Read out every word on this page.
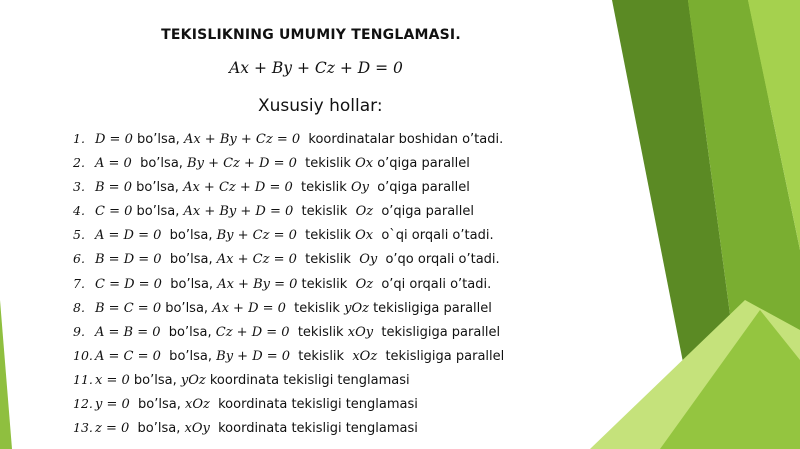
TEKISLIKNING UMUMIY TENGLAMASI.
Ax + By + Cz + D = 0
Xususiy hollar:
1. D = 0 bo’lsa, Ax + By + Cz = 0  koordinatalar boshidan o’tadi.
2. A = 0  bo’lsa, By + Cz + D = 0  tekislik Ox o’qiga parallel
3. B = 0 bo’lsa, Ax + Cz + D = 0  tekislik Oy  o’qiga parallel
4. C = 0 bo’lsa, Ax + By + D = 0  tekislik  Oz  o’qiga parallel
5. A = D = 0  bo’lsa, By + Cz = 0  tekislik Ox  o`qi orqali o’tadi.
6. B = D = 0  bo’lsa, Ax + Cz = 0  tekislik  Oy  o’qo orqali o’tadi.
7. C = D = 0  bo’lsa, Ax + By = 0 tekislik  Oz  o’qi orqali o’tadi.
8. B = C = 0 bo’lsa, Ax + D = 0  tekislik yOz tekisligiga parallel
9. A = B = 0  bo’lsa, Cz + D = 0  tekislik xOy  tekisligiga parallel
10. A = C = 0  bo’lsa, By + D = 0  tekislik  xOz  tekisligiga parallel
11. x = 0 bo’lsa, yOz koordinata tekisligi tenglamasi
12. y = 0  bo’lsa, xOz  koordinata tekisligi tenglamasi
13. z = 0  bo’lsa, xOy  koordinata tekisligi tenglamasi
